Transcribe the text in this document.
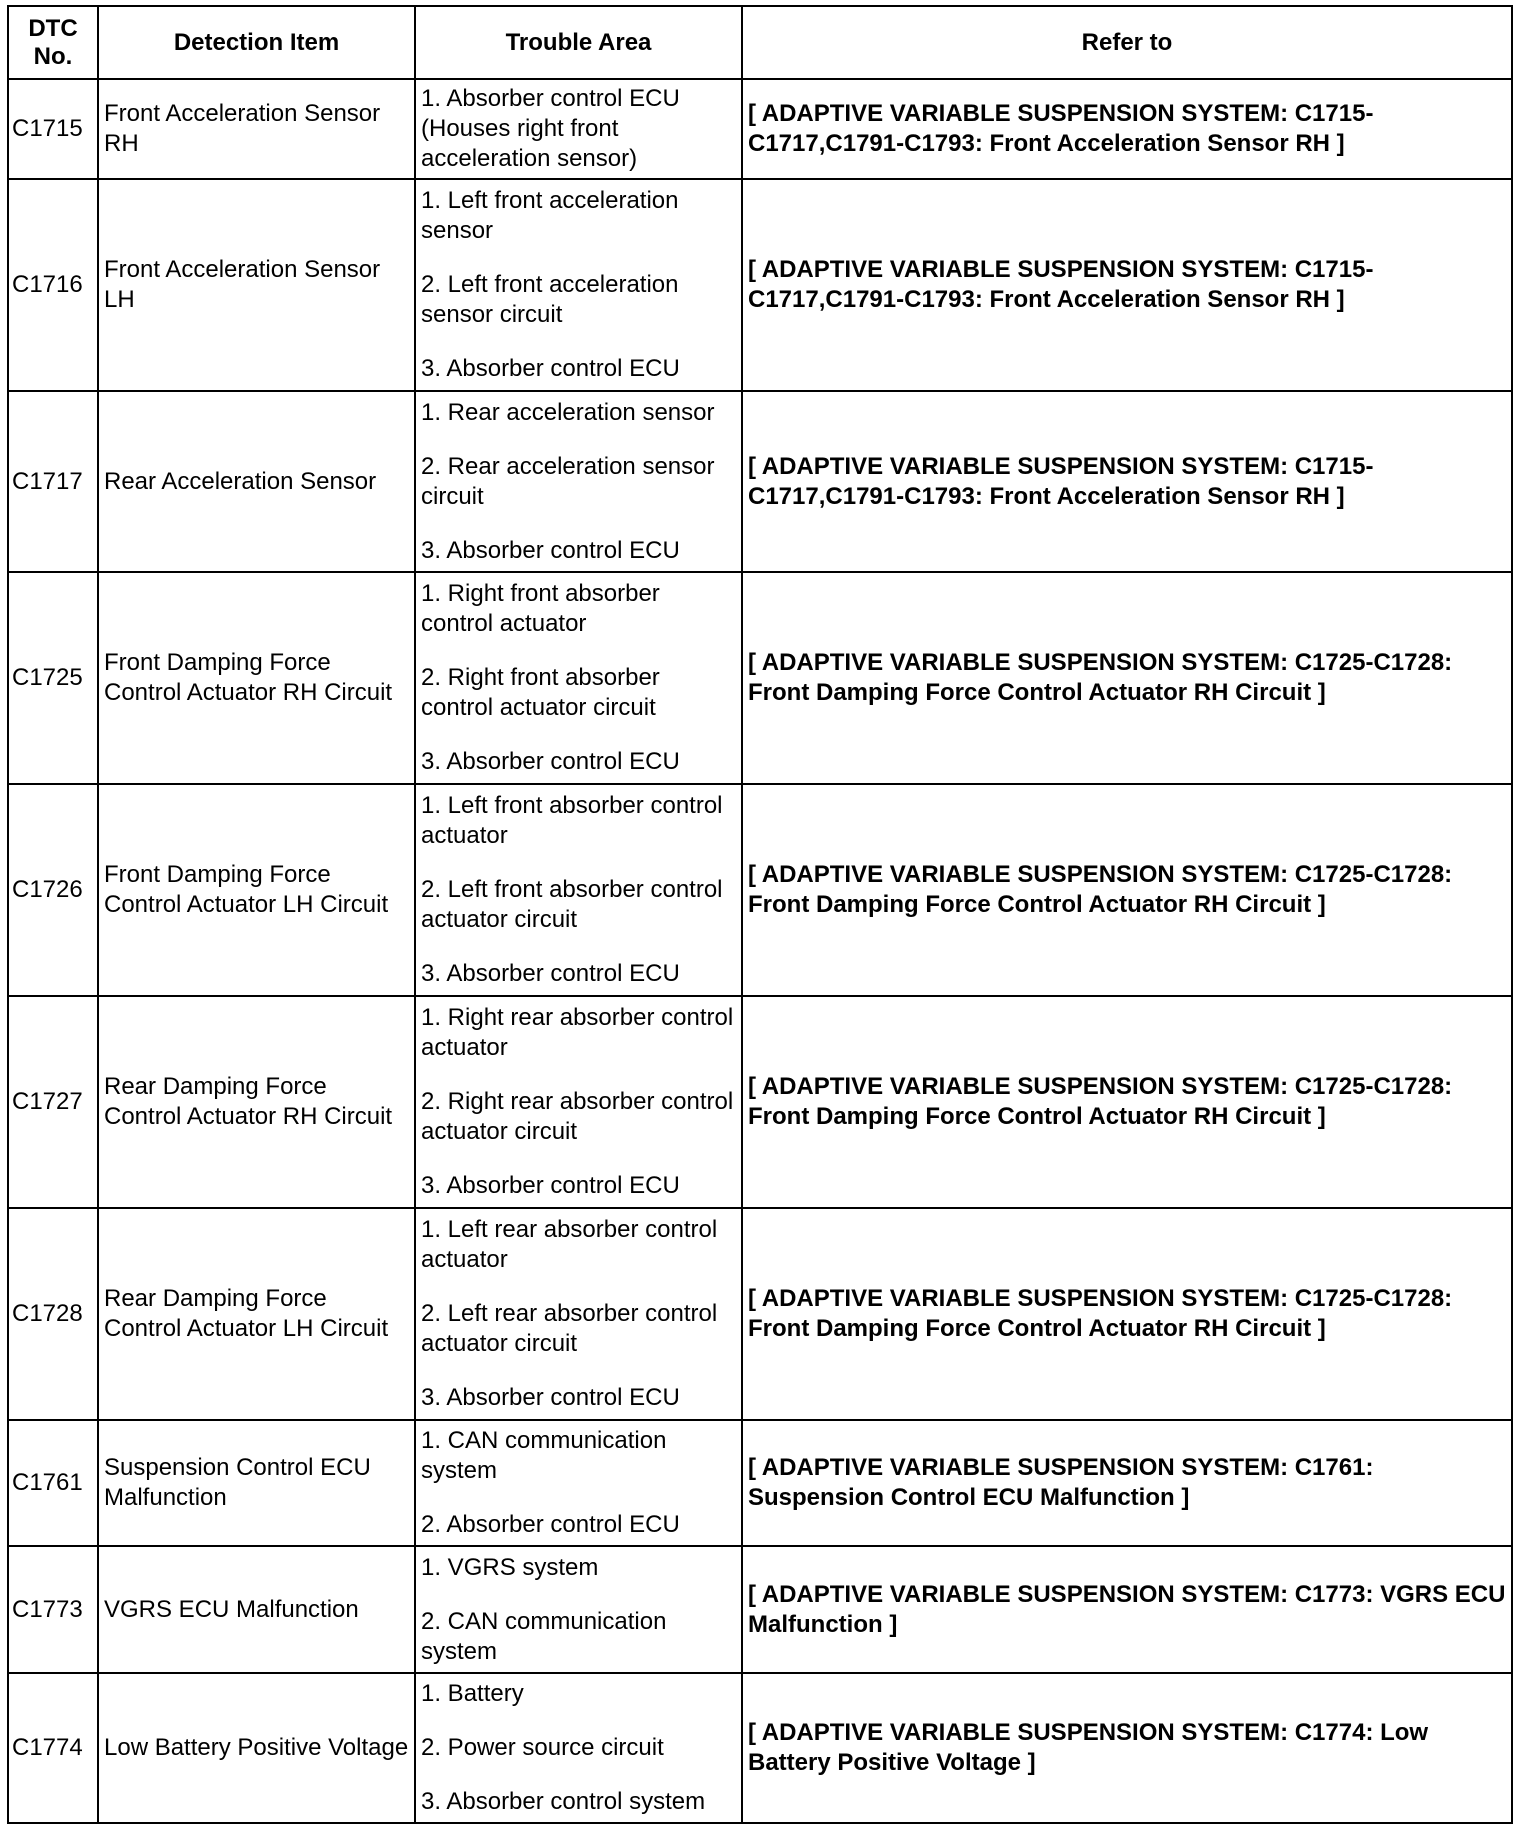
DTC No.	Detection Item	Trouble Area	Refer to
C1715	Front Acceleration Sensor RH	1. Absorber control ECU (Houses right front acceleration sensor)	[ ADAPTIVE VARIABLE SUSPENSION SYSTEM: C1715-C1717,C1791-C1793: Front Acceleration Sensor RH ]
C1716	Front Acceleration Sensor LH	1. Left front acceleration sensor

2. Left front acceleration sensor circuit

3. Absorber control ECU	[ ADAPTIVE VARIABLE SUSPENSION SYSTEM: C1715-C1717,C1791-C1793: Front Acceleration Sensor RH ]
C1717	Rear Acceleration Sensor	1. Rear acceleration sensor

2. Rear acceleration sensor circuit

3. Absorber control ECU	[ ADAPTIVE VARIABLE SUSPENSION SYSTEM: C1715-C1717,C1791-C1793: Front Acceleration Sensor RH ]
C1725	Front Damping Force Control Actuator RH Circuit	1. Right front absorber control actuator

2. Right front absorber control actuator circuit

3. Absorber control ECU	[ ADAPTIVE VARIABLE SUSPENSION SYSTEM: C1725-C1728: Front Damping Force Control Actuator RH Circuit ]
C1726	Front Damping Force Control Actuator LH Circuit	1. Left front absorber control actuator

2. Left front absorber control actuator circuit

3. Absorber control ECU	[ ADAPTIVE VARIABLE SUSPENSION SYSTEM: C1725-C1728: Front Damping Force Control Actuator RH Circuit ]
C1727	Rear Damping Force Control Actuator RH Circuit	1. Right rear absorber control actuator

2. Right rear absorber control actuator circuit

3. Absorber control ECU	[ ADAPTIVE VARIABLE SUSPENSION SYSTEM: C1725-C1728: Front Damping Force Control Actuator RH Circuit ]
C1728	Rear Damping Force Control Actuator LH Circuit	1. Left rear absorber control actuator

2. Left rear absorber control actuator circuit

3. Absorber control ECU	[ ADAPTIVE VARIABLE SUSPENSION SYSTEM: C1725-C1728: Front Damping Force Control Actuator RH Circuit ]
C1761	Suspension Control ECU Malfunction	1. CAN communication system

2. Absorber control ECU	[ ADAPTIVE VARIABLE SUSPENSION SYSTEM: C1761: Suspension Control ECU Malfunction ]
C1773	VGRS ECU Malfunction	1. VGRS system

2. CAN communication system	[ ADAPTIVE VARIABLE SUSPENSION SYSTEM: C1773: VGRS ECU Malfunction ]
C1774	Low Battery Positive Voltage	1. Battery

2. Power source circuit

3. Absorber control system	[ ADAPTIVE VARIABLE SUSPENSION SYSTEM: C1774: Low Battery Positive Voltage ]
